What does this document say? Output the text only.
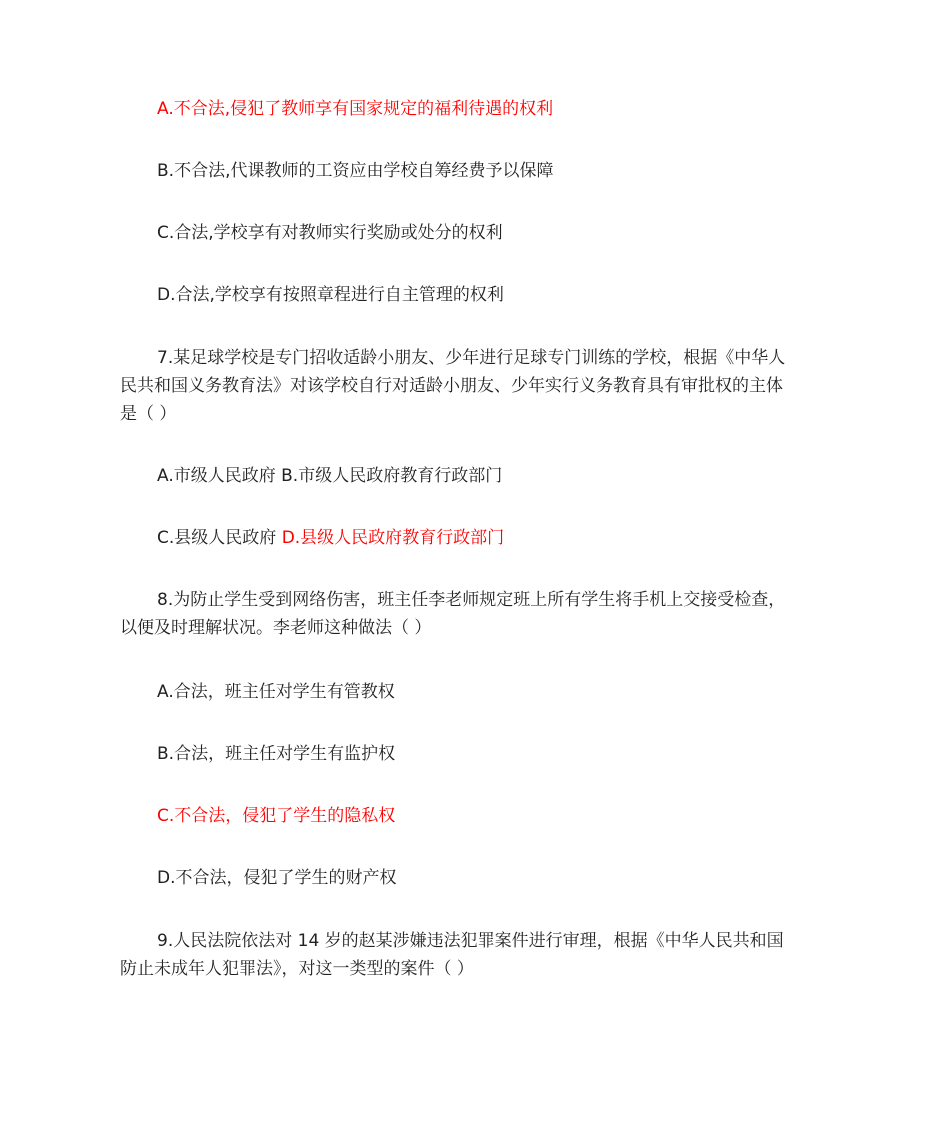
A.不合法,侵犯了教师享有国家规定的福利待遇的权利
B.不合法,代课教师的工资应由学校自筹经费予以保障
C.合法,学校享有对教师实行奖励或处分的权利
D.合法,学校享有按照章程进行自主管理的权利
7.某足球学校是专门招收适龄小朋友、少年进行足球专门训练的学校，根据《中华人
民共和国义务教育法》对该学校自行对适龄小朋友、少年实行义务教育具有审批权的主体
是（ ）
A.市级人民政府 B.市级人民政府教育行政部门
C.县级人民政府 D.县级人民政府教育行政部门
8.为防止学生受到网络伤害，班主任李老师规定班上所有学生将手机上交接受检查，
以便及时理解状况。李老师这种做法（ ）
A.合法，班主任对学生有管教权
B.合法，班主任对学生有监护权
C.不合法，侵犯了学生的隐私权
D.不合法，侵犯了学生的财产权
9.人民法院依法对 14 岁的赵某涉嫌违法犯罪案件进行审理，根据《中华人民共和国
防止未成年人犯罪法》，对这一类型的案件（ ）
